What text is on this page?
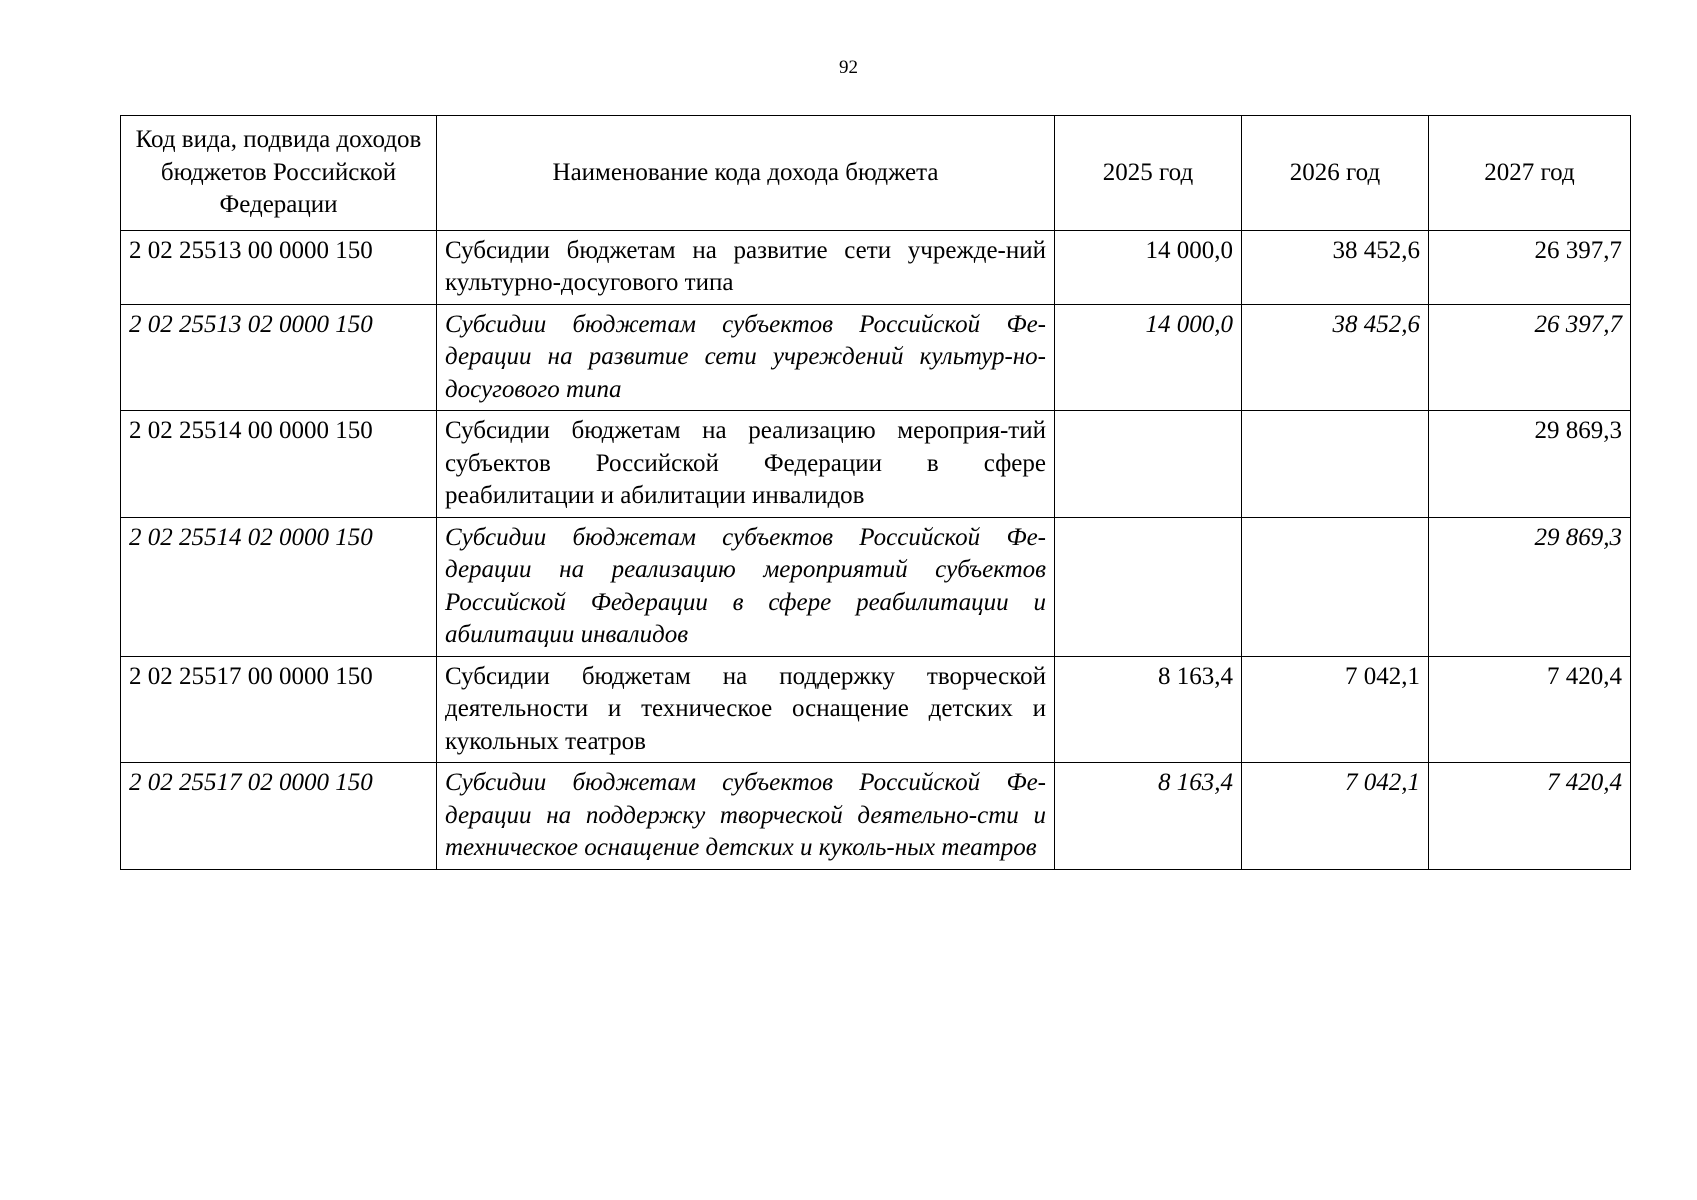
92
Код вида, подвида доходов бюджетов Российской Федерации	Наименование кода дохода бюджета	2025 год	2026 год	2027 год
2 02 25513 00 0000 150	Субсидии бюджетам на развитие сети учрежде-ний культурно-досугового типа	14 000,0	38 452,6	26 397,7
2 02 25513 02 0000 150	Субсидии бюджетам субъектов Российской Фе-дерации на развитие сети учреждений культур-но-досугового типа	14 000,0	38 452,6	26 397,7
2 02 25514 00 0000 150	Субсидии бюджетам на реализацию мероприя-тий субъектов Российской Федерации в сфере реабилитации и абилитации инвалидов			29 869,3
2 02 25514 02 0000 150	Субсидии бюджетам субъектов Российской Фе-дерации на реализацию мероприятий субъектов Российской Федерации в сфере реабилитации и абилитации инвалидов			29 869,3
2 02 25517 00 0000 150	Субсидии бюджетам на поддержку творческой деятельности и техническое оснащение детских и кукольных театров	8 163,4	7 042,1	7 420,4
2 02 25517 02 0000 150	Субсидии бюджетам субъектов Российской Фе-дерации на поддержку творческой деятельно-сти и техническое оснащение детских и куколь-ных театров	8 163,4	7 042,1	7 420,4
